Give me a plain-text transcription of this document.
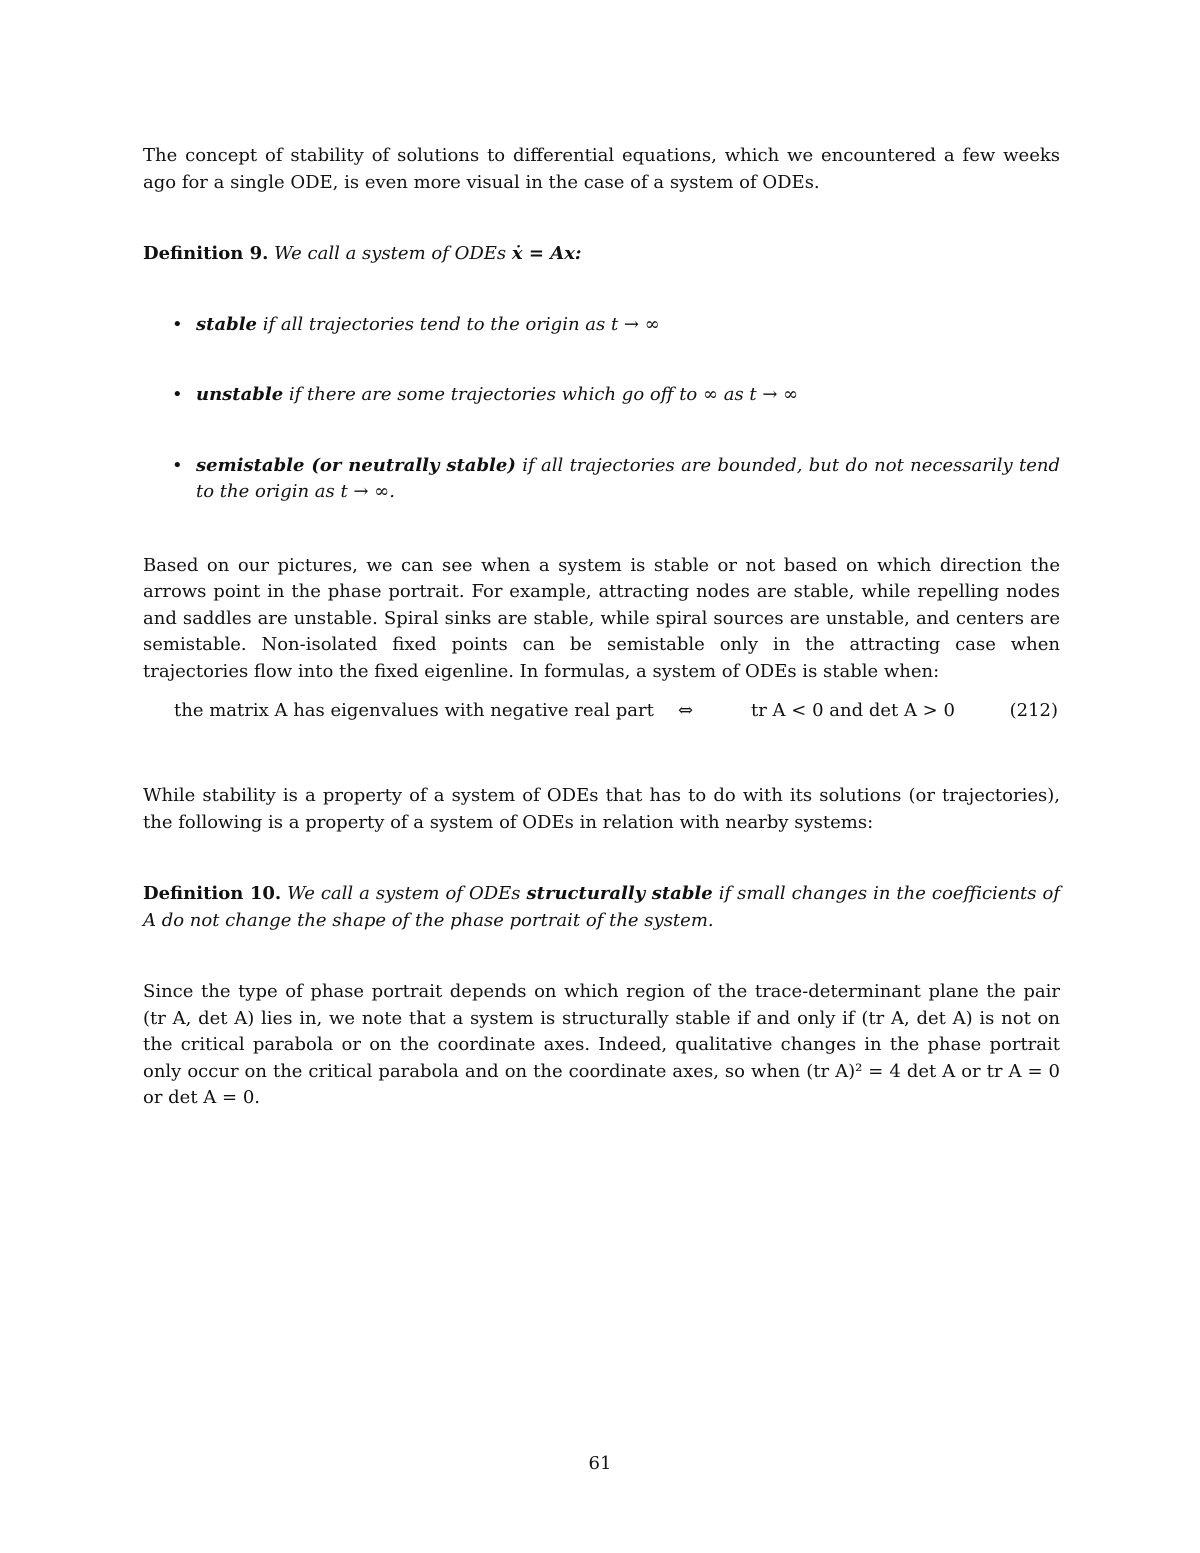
The concept of stability of solutions to differential equations, which we encountered a few weeks ago for a single ODE, is even more visual in the case of a system of ODEs.

Definition 9. We call a system of ODEs ẋ = Ax:

• stable if all trajectories tend to the origin as t → ∞
• unstable if there are some trajectories which go off to ∞ as t → ∞
• semistable (or neutrally stable) if all trajectories are bounded, but do not necessarily tend to the origin as t → ∞.

Based on our pictures, we can see when a system is stable or not based on which direction the arrows point in the phase portrait. For example, attracting nodes are stable, while repelling nodes and saddles are unstable. Spiral sinks are stable, while spiral sources are unstable, and centers are semistable. Non-isolated fixed points can be semistable only in the attracting case when trajectories flow into the fixed eigenline. In formulas, a system of ODEs is stable when:

the matrix A has eigenvalues with negative real part ⇔	tr A < 0 and det A > 0	(212)

While stability is a property of a system of ODEs that has to do with its solutions (or trajectories), the following is a property of a system of ODEs in relation with nearby systems:

Definition 10. We call a system of ODEs structurally stable if small changes in the coefficients of A do not change the shape of the phase portrait of the system.

Since the type of phase portrait depends on which region of the trace-determinant plane the pair (tr A, det A) lies in, we note that a system is structurally stable if and only if (tr A, det A) is not on the critical parabola or on the coordinate axes. Indeed, qualitative changes in the phase portrait only occur on the critical parabola and on the coordinate axes, so when (tr A)² = 4 det A or tr A = 0 or det A = 0.

61
